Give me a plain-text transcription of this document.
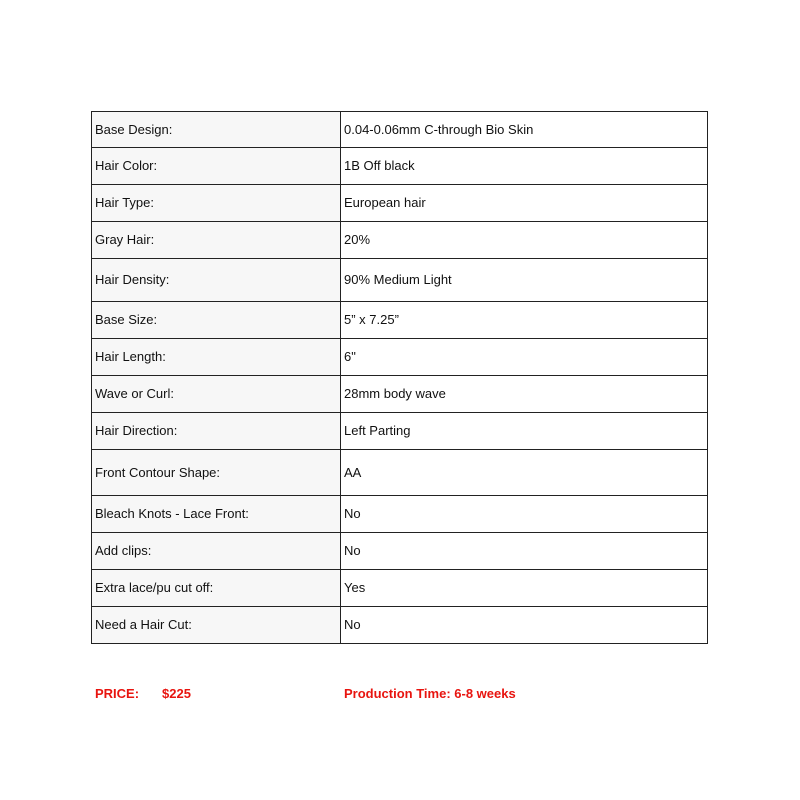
Base Design:	0.04-0.06mm C-through Bio Skin
Hair Color:	1B Off black
Hair Type:	European hair
Gray Hair:	20%
Hair Density:	90% Medium Light
Base Size:	5” x 7.25”
Hair Length:	6"
Wave or Curl:	28mm body wave
Hair Direction:	Left Parting
Front Contour Shape:	AA
Bleach Knots - Lace Front:	No
Add clips:	No
Extra lace/pu cut off:	Yes
Need a Hair Cut:	No
PRICE: $225	Production Time: 6-8 weeks
